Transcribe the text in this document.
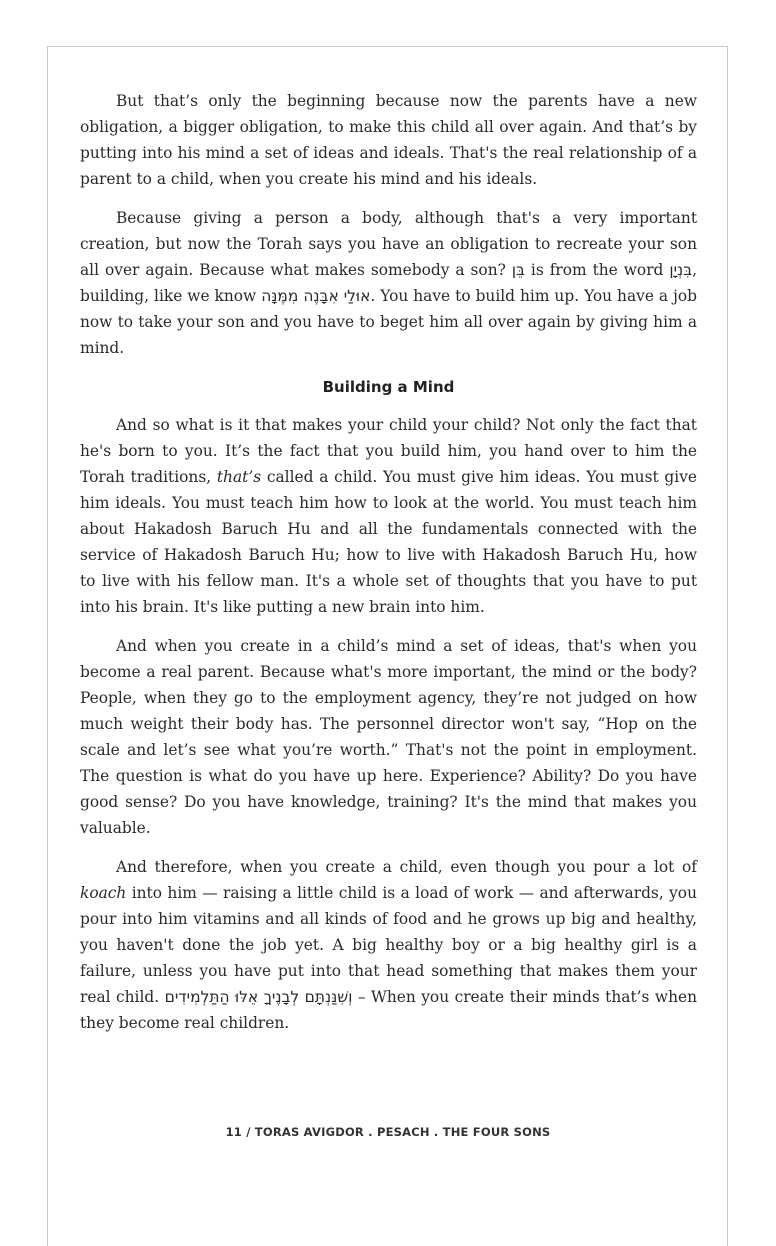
But that’s only the beginning because now the parents have a new obligation, a bigger obligation, to make this child all over again. And that’s by putting into his mind a set of ideas and ideals. That's the real relationship of a parent to a child, when you create his mind and his ideals.

Because giving a person a body, although that's a very important creation, but now the Torah says you have an obligation to recreate your son all over again. Because what makes somebody a son? בֵּן is from the word בִּנְיָן, building, like we know אוּלַי אִבָּנֶה מִמֶּנָּה. You have to build him up. You have a job now to take your son and you have to beget him all over again by giving him a mind.

Building a Mind

And so what is it that makes your child your child? Not only the fact that he's born to you. It’s the fact that you build him, you hand over to him the Torah traditions, that’s called a child. You must give him ideas. You must give him ideals. You must teach him how to look at the world. You must teach him about Hakadosh Baruch Hu and all the fundamentals connected with the service of Hakadosh Baruch Hu; how to live with Hakadosh Baruch Hu, how to live with his fellow man. It's a whole set of thoughts that you have to put into his brain. It's like putting a new brain into him.

And when you create in a child’s mind a set of ideas, that's when you become a real parent. Because what's more important, the mind or the body? People, when they go to the employment agency, they’re not judged on how much weight their body has. The personnel director won't say, “Hop on the scale and let’s see what you’re worth.” That's not the point in employment. The question is what do you have up here. Experience? Ability? Do you have good sense? Do you have knowledge, training? It's the mind that makes you valuable.

And therefore, when you create a child, even though you pour a lot of koach into him — raising a little child is a load of work — and afterwards, you pour into him vitamins and all kinds of food and he grows up big and healthy, you haven't done the job yet. A big healthy boy or a big healthy girl is a failure, unless you have put into that head something that makes them your real child. וְשִׁנַּנְתָּם לְבָנֶיךָ אֵלּוּ הַתַּלְמִידִים – When you create their minds that’s when they become real children.

11 / TORAS AVIGDOR . PESACH . THE FOUR SONS
